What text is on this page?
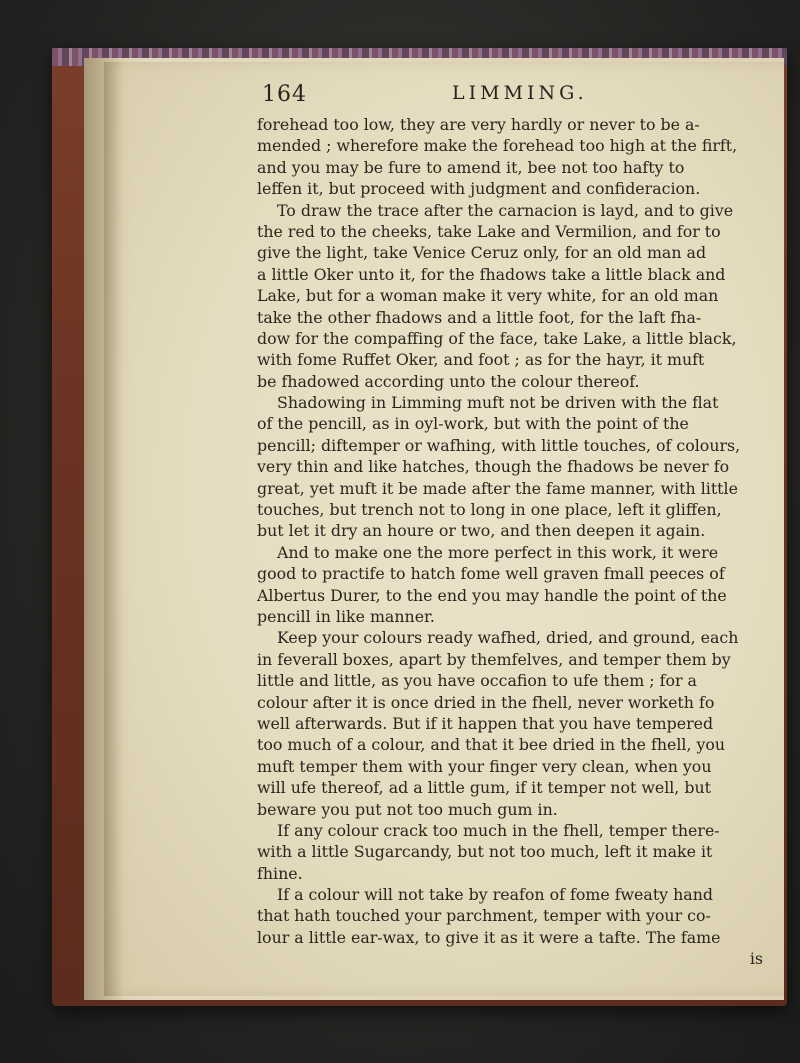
164	LIMMING.
forehead too low, they are very hardly or never to be a-
mended ; wherefore make the forehead too high at the firft,
and you may be fure to amend it, bee not too hafty to
leffen it, but proceed with judgment and confideracion.
To draw the trace after the carnacion is layd, and to give
the red to the cheeks, take Lake and Vermilion, and for to
give the light, take Venice Ceruz only, for an old man ad
a little Oker unto it, for the fhadows take a little black and
Lake, but for a woman make it very white, for an old man
take the other fhadows and a little foot, for the laft fha-
dow for the compaffing of the face, take Lake, a little black,
with fome Ruffet Oker, and foot ; as for the hayr, it muft
be fhadowed according unto the colour thereof.
Shadowing in Limming muft not be driven with the flat
of the pencill, as in oyl-work, but with the point of the
pencill; diftemper or wafhing, with little touches, of colours,
very thin and like hatches, though the fhadows be never fo
great, yet muft it be made after the fame manner, with little
touches, but trench not to long in one place, left it gliffen,
but let it dry an houre or two, and then deepen it again.
And to make one the more perfect in this work, it were
good to practife to hatch fome well graven fmall peeces of
Albertus Durer, to the end you may handle the point of the
pencill in like manner.
Keep your colours ready wafhed, dried, and ground, each
in feverall boxes, apart by themfelves, and temper them by
little and little, as you have occafion to ufe them ; for a
colour after it is once dried in the fhell, never worketh fo
well afterwards. But if it happen that you have tempered
too much of a colour, and that it bee dried in the fhell, you
muft temper them with your finger very clean, when you
will ufe thereof, ad a little gum, if it temper not well, but
beware you put not too much gum in.
If any colour crack too much in the fhell, temper there-
with a little Sugarcandy, but not too much, left it make it
fhine.
If a colour will not take by reafon of fome fweaty hand
that hath touched your parchment, temper with your co-
lour a little ear-wax, to give it as it were a tafte. The fame
is
